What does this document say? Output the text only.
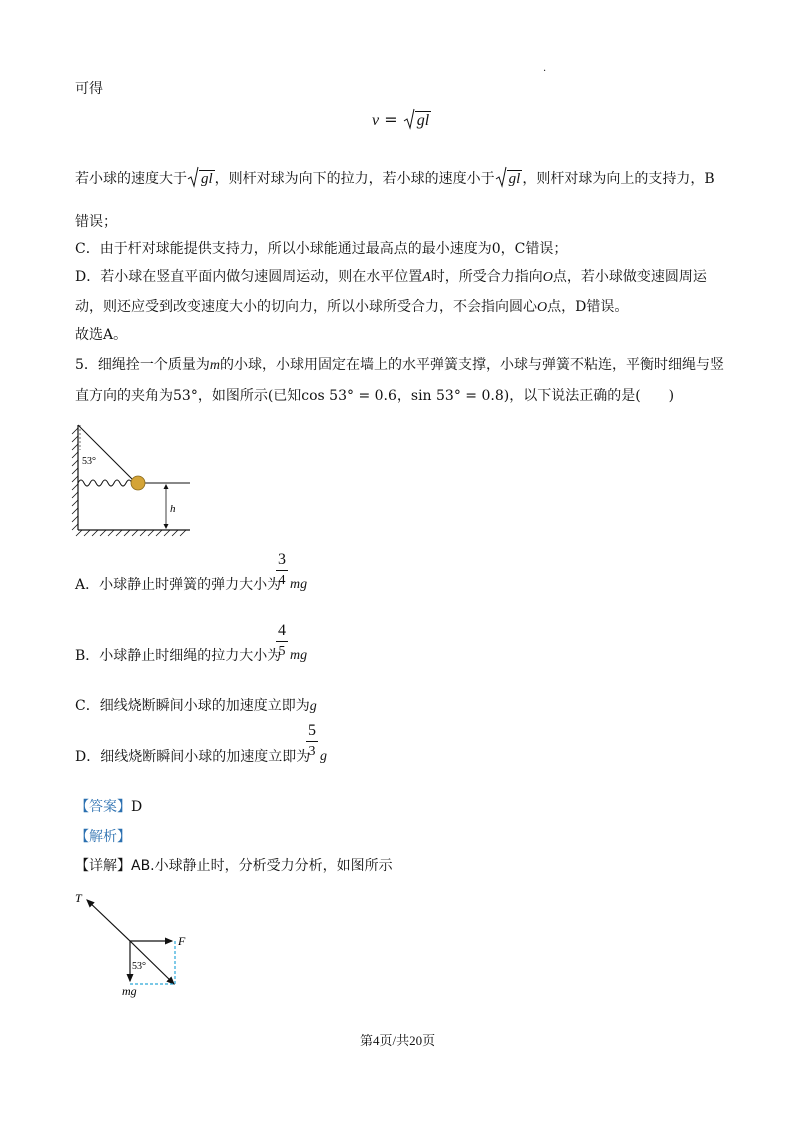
.
可得
v = gl
若小球的速度大于 gl ，则杆对球为向下的拉力，若小球的速度小于 gl ，则杆对球为向上的支持力，B
错误；
C．由于杆对球能提供支持力，所以小球能通过最高点的最小速度为0，C错误；
D．若小球在竖直平面内做匀速圆周运动，则在水平位置A时，所受合力指向O点，若小球做变速圆周运
动，则还应受到改变速度大小的切向力，所以小球所受合力，不会指向圆心O点，D错误。
故选A。
5．细绳拴一个质量为m的小球，小球用固定在墙上的水平弹簧支撑，小球与弹簧不粘连，平衡时细绳与竖
直方向的夹角为53°，如图所示(已知cos 53° = 0.6，sin 53° = 0.8)，以下说法正确的是(　　)
53°
h
A．小球静止时弹簧的弹力大小为
3
4 mg
B．小球静止时细绳的拉力大小为
4
5 mg
C．细线烧断瞬间小球的加速度立即为g
D．细线烧断瞬间小球的加速度立即为
5
3 g
【答案】D
【解析】
【详解】AB.小球静止时，分析受力分析，如图所示
T
F
mg
53°
第4页/共20页
